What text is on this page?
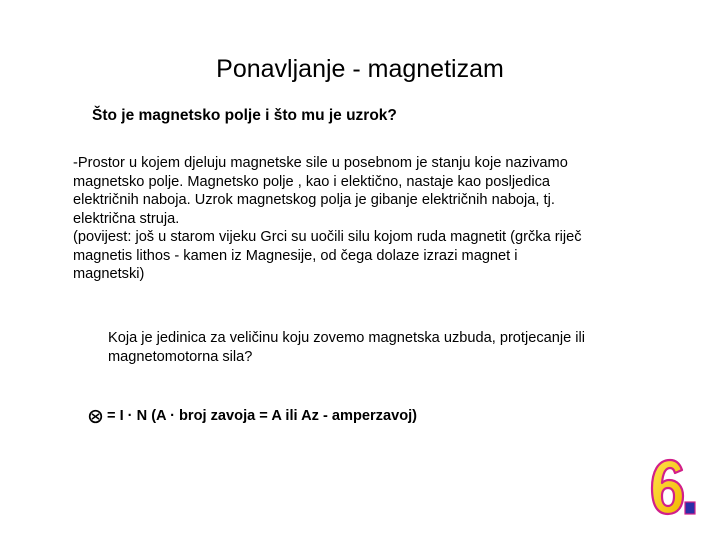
Ponavljanje - magnetizam
Što je magnetsko polje i što mu je uzrok?
-Prostor u kojem djeluju magnetske sile u posebnom je stanju koje nazivamo
magnetsko polje. Magnetsko polje , kao i elektično, nastaje kao posljedica
električnih naboja. Uzrok magnetskog polja je gibanje električnih naboja, tj.
električna struja.
(povijest: još u starom vijeku Grci su uočili silu kojom ruda magnetit (grčka riječ
magnetis lithos - kamen iz Magnesije, od čega dolaze izrazi magnet i
magnetski)
Koja je jedinica za veličinu koju zovemo magnetska uzbuda, protjecanje ili
magnetomotorna sila?
= I · N (A · broj zavoja = A ili Az - amperzavoj)
